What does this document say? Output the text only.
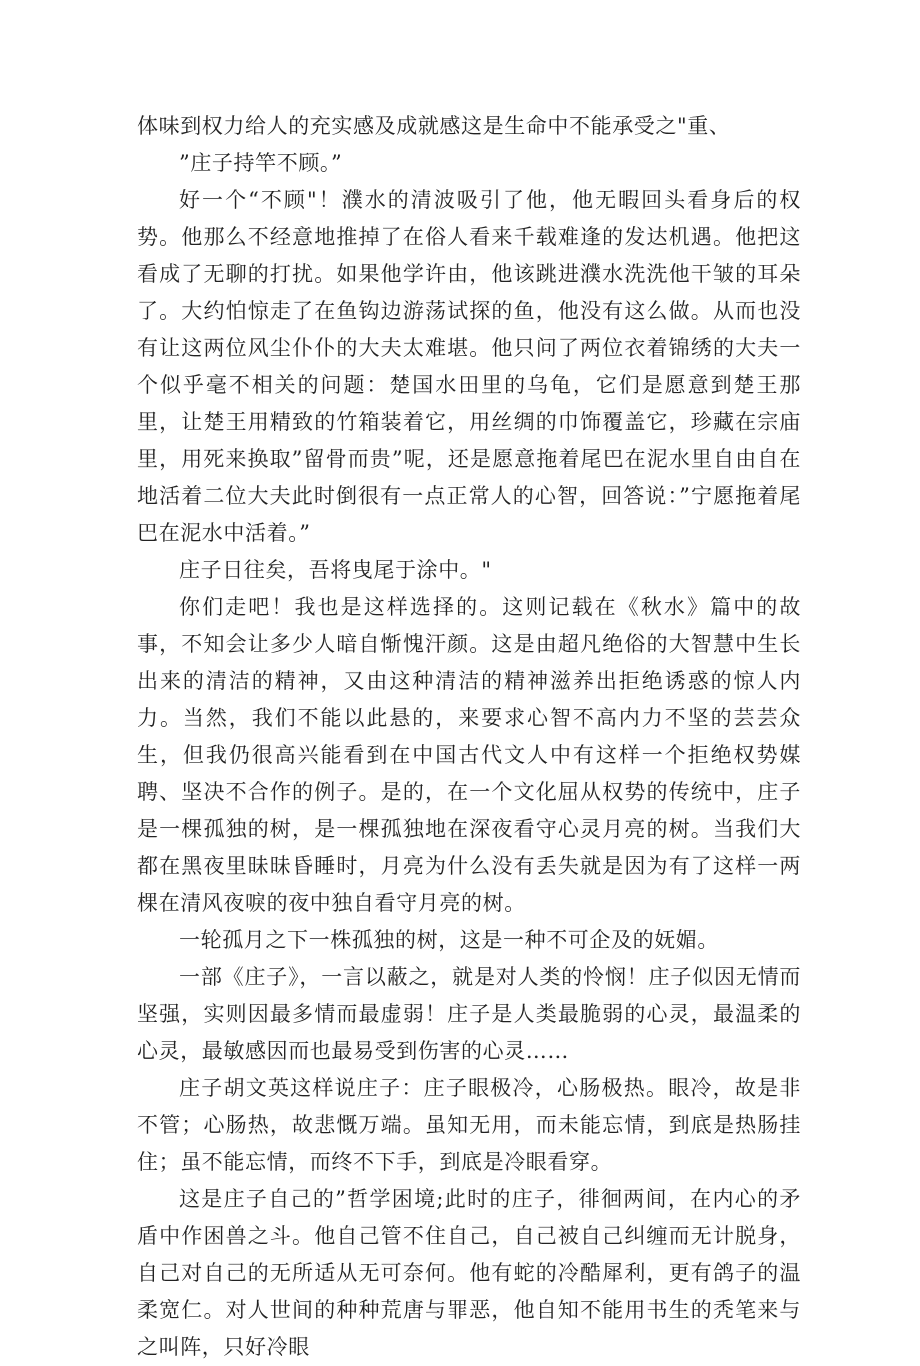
体味到权力给人的充实感及成就感这是生命中不能承受之"重、

”庄子持竿不顾。”

好一个“不顾"！濮水的清波吸引了他，他无暇回头看身后的权势。他那么不经意地推掉了在俗人看来千载难逢的发达机遇。他把这看成了无聊的打扰。如果他学许由，他该跳进濮水洗洗他干皱的耳朵了。大约怕惊走了在鱼钩边游荡试探的鱼，他没有这么做。从而也没有让这两位风尘仆仆的大夫太难堪。他只问了两位衣着锦绣的大夫一个似乎毫不相关的问题：楚国水田里的乌龟，它们是愿意到楚王那里，让楚王用精致的竹箱装着它，用丝绸的巾饰覆盖它，珍藏在宗庙里，用死来换取”留骨而贵”呢，还是愿意拖着尾巴在泥水里自由自在地活着二位大夫此时倒很有一点正常人的心智，回答说：”宁愿拖着尾巴在泥水中活着。”

庄子日往矣，吾将曳尾于涂中。"

你们走吧！我也是这样选择的。这则记载在《秋水》篇中的故事，不知会让多少人暗自惭愧汗颜。这是由超凡绝俗的大智慧中生长出来的清洁的精神，又由这种清洁的精神滋养出拒绝诱惑的惊人内力。当然，我们不能以此悬的，来要求心智不高内力不坚的芸芸众生，但我仍很高兴能看到在中国古代文人中有这样一个拒绝权势媒聘、坚决不合作的例子。是的，在一个文化屈从权势的传统中，庄子是一棵孤独的树，是一棵孤独地在深夜看守心灵月亮的树。当我们大都在黑夜里昧昧昏睡时，月亮为什么没有丢失就是因为有了这样一两棵在清风夜唳的夜中独自看守月亮的树。

一轮孤月之下一株孤独的树，这是一种不可企及的妩媚。

一部《庄子》，一言以蔽之，就是对人类的怜悯！庄子似因无情而坚强，实则因最多情而最虚弱！庄子是人类最脆弱的心灵，最温柔的心灵，最敏感因而也最易受到伤害的心灵……

庄子胡文英这样说庄子：庄子眼极冷，心肠极热。眼冷，故是非不管；心肠热，故悲慨万端。虽知无用，而未能忘情，到底是热肠挂住；虽不能忘情，而终不下手，到底是冷眼看穿。

这是庄子自己的”哲学困境;此时的庄子，徘徊两间，在内心的矛盾中作困兽之斗。他自己管不住自己，自己被自己纠缠而无计脱身，自己对自己的无所适从无可奈何。他有蛇的冷酷犀利，更有鸽子的温柔宽仁。对人世间的种种荒唐与罪恶，他自知不能用书生的秃笔来与之叫阵，只好冷眼
